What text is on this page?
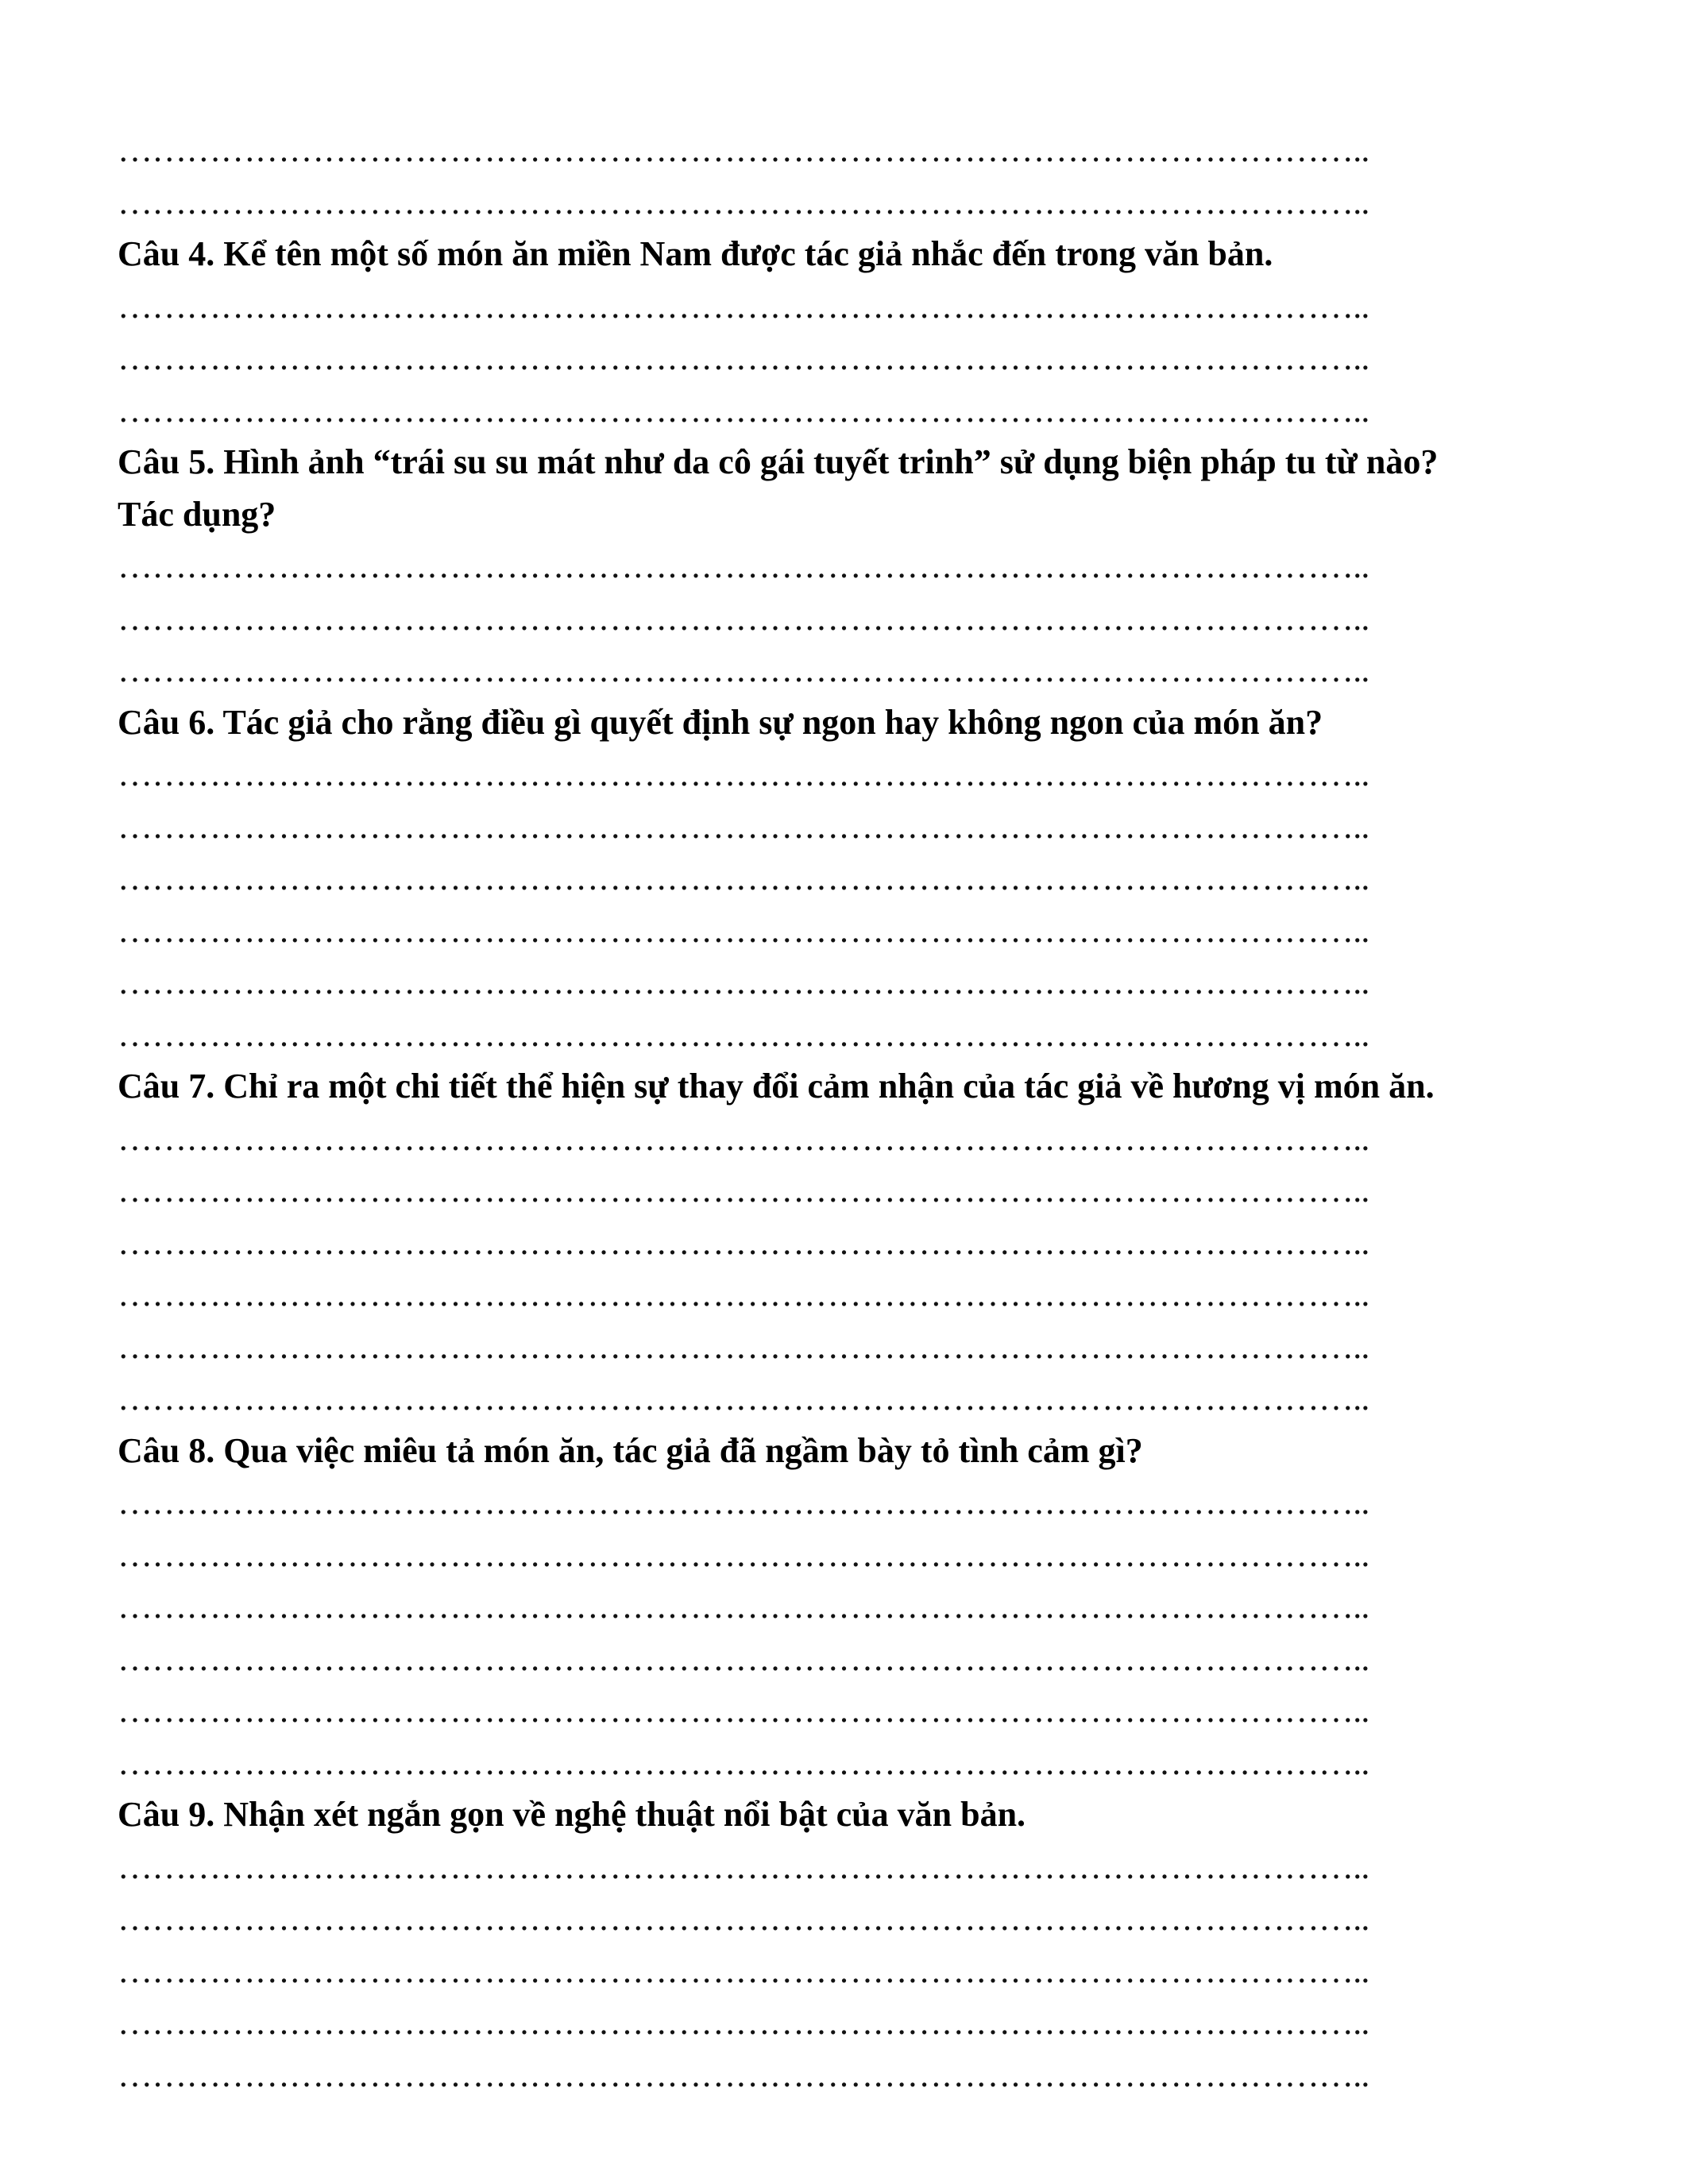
………………………………………………………………………………………………..
………………………………………………………………………………………………..
Câu 4. Kể tên một số món ăn miền Nam được tác giả nhắc đến trong văn bản.
………………………………………………………………………………………………..
………………………………………………………………………………………………..
………………………………………………………………………………………………..
Câu 5. Hình ảnh “trái su su mát như da cô gái tuyết trinh” sử dụng biện pháp tu từ nào?
Tác dụng?
………………………………………………………………………………………………..
………………………………………………………………………………………………..
………………………………………………………………………………………………..
Câu 6. Tác giả cho rằng điều gì quyết định sự ngon hay không ngon của món ăn?
………………………………………………………………………………………………..
………………………………………………………………………………………………..
………………………………………………………………………………………………..
………………………………………………………………………………………………..
………………………………………………………………………………………………..
………………………………………………………………………………………………..
Câu 7. Chỉ ra một chi tiết thể hiện sự thay đổi cảm nhận của tác giả về hương vị món ăn.
………………………………………………………………………………………………..
………………………………………………………………………………………………..
………………………………………………………………………………………………..
………………………………………………………………………………………………..
………………………………………………………………………………………………..
………………………………………………………………………………………………..
Câu 8. Qua việc miêu tả món ăn, tác giả đã ngầm bày tỏ tình cảm gì?
………………………………………………………………………………………………..
………………………………………………………………………………………………..
………………………………………………………………………………………………..
………………………………………………………………………………………………..
………………………………………………………………………………………………..
………………………………………………………………………………………………..
Câu 9. Nhận xét ngắn gọn về nghệ thuật nổi bật của văn bản.
………………………………………………………………………………………………..
………………………………………………………………………………………………..
………………………………………………………………………………………………..
………………………………………………………………………………………………..
………………………………………………………………………………………………..
